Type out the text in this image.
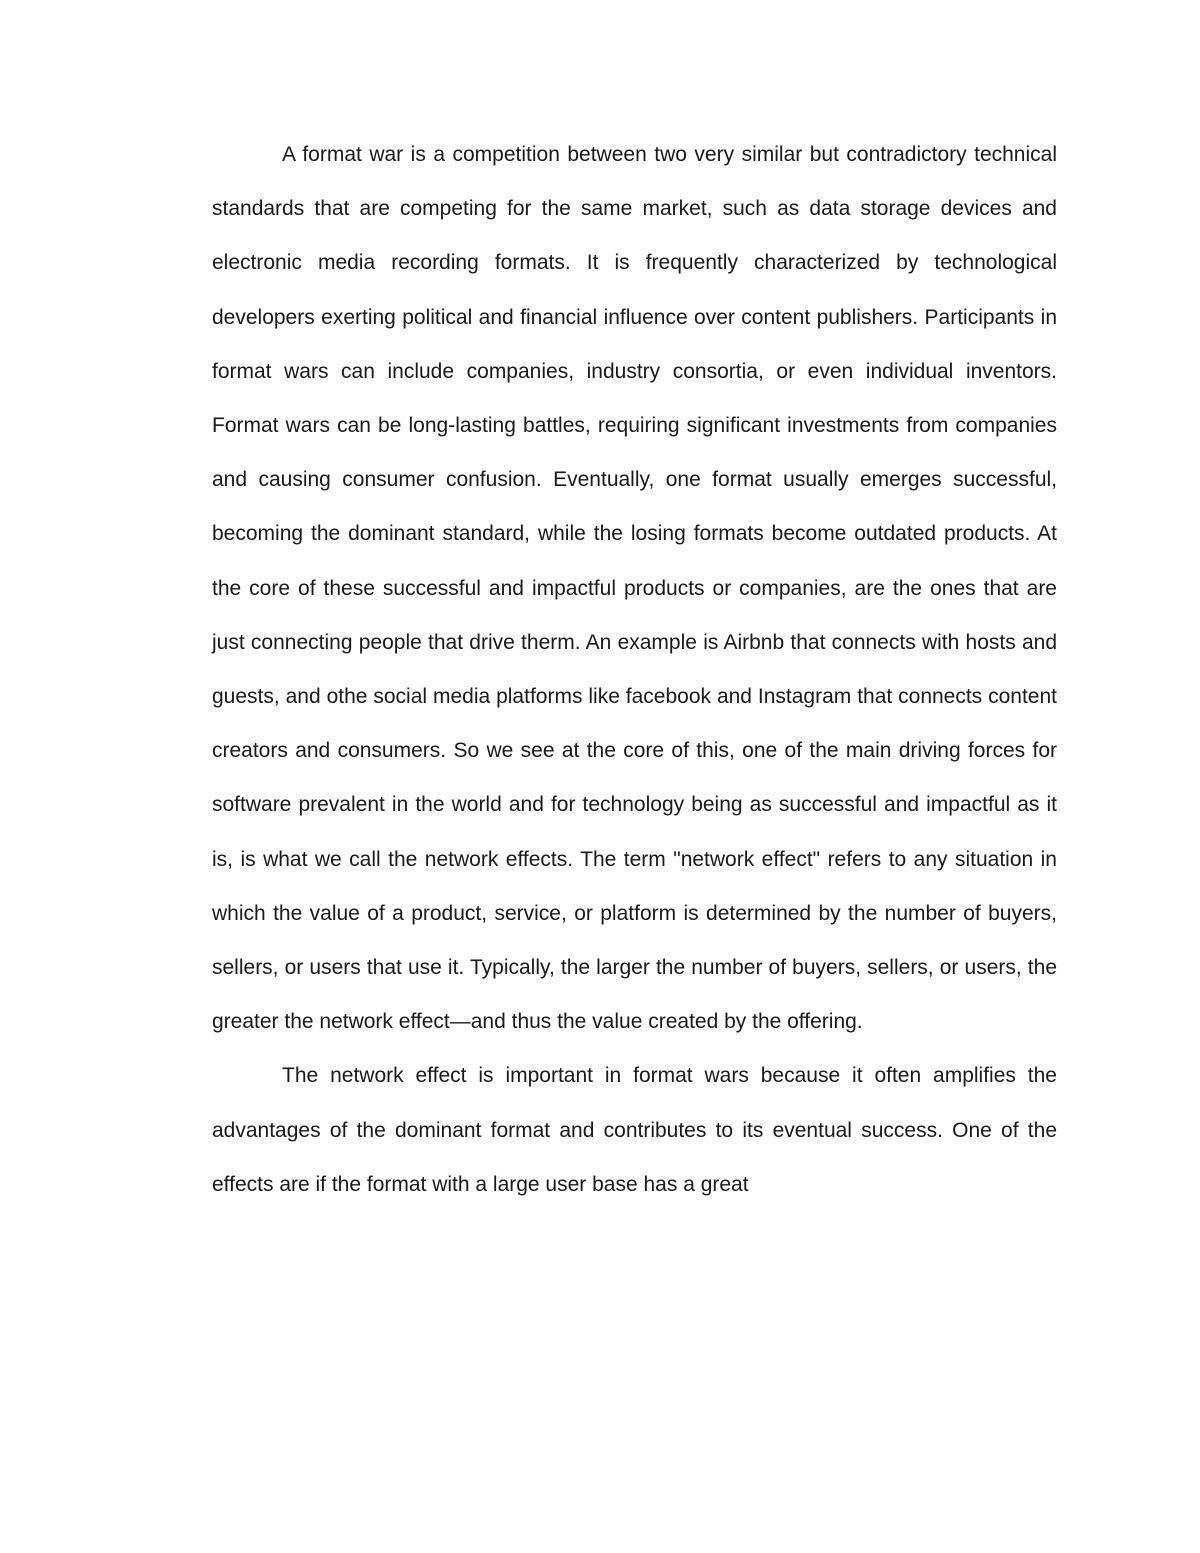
A format war is a competition between two very similar but contradictory technical standards that are competing for the same market, such as data storage devices and electronic media recording formats. It is frequently characterized by technological developers exerting political and financial influence over content publishers. Participants in format wars can include companies, industry consortia, or even individual inventors. Format wars can be long-lasting battles, requiring significant investments from companies and causing consumer confusion. Eventually, one format usually emerges successful, becoming the dominant standard, while the losing formats become outdated products. At the core of these successful and impactful products or companies, are the ones that are just connecting people that drive therm. An example is Airbnb that connects with hosts and guests, and othe social media platforms like facebook and Instagram that connects content creators and consumers. So we see at the core of this, one of the main driving forces for software prevalent in the world and for technology being as successful and impactful as it is, is what we call the network effects. The term "network effect" refers to any situation in which the value of a product, service, or platform is determined by the number of buyers, sellers, or users that use it. Typically, the larger the number of buyers, sellers, or users, the greater the network effect—and thus the value created by the offering.

The network effect is important in format wars because it often amplifies the advantages of the dominant format and contributes to its eventual success. One of the effects are if the format with a large user base has a great
